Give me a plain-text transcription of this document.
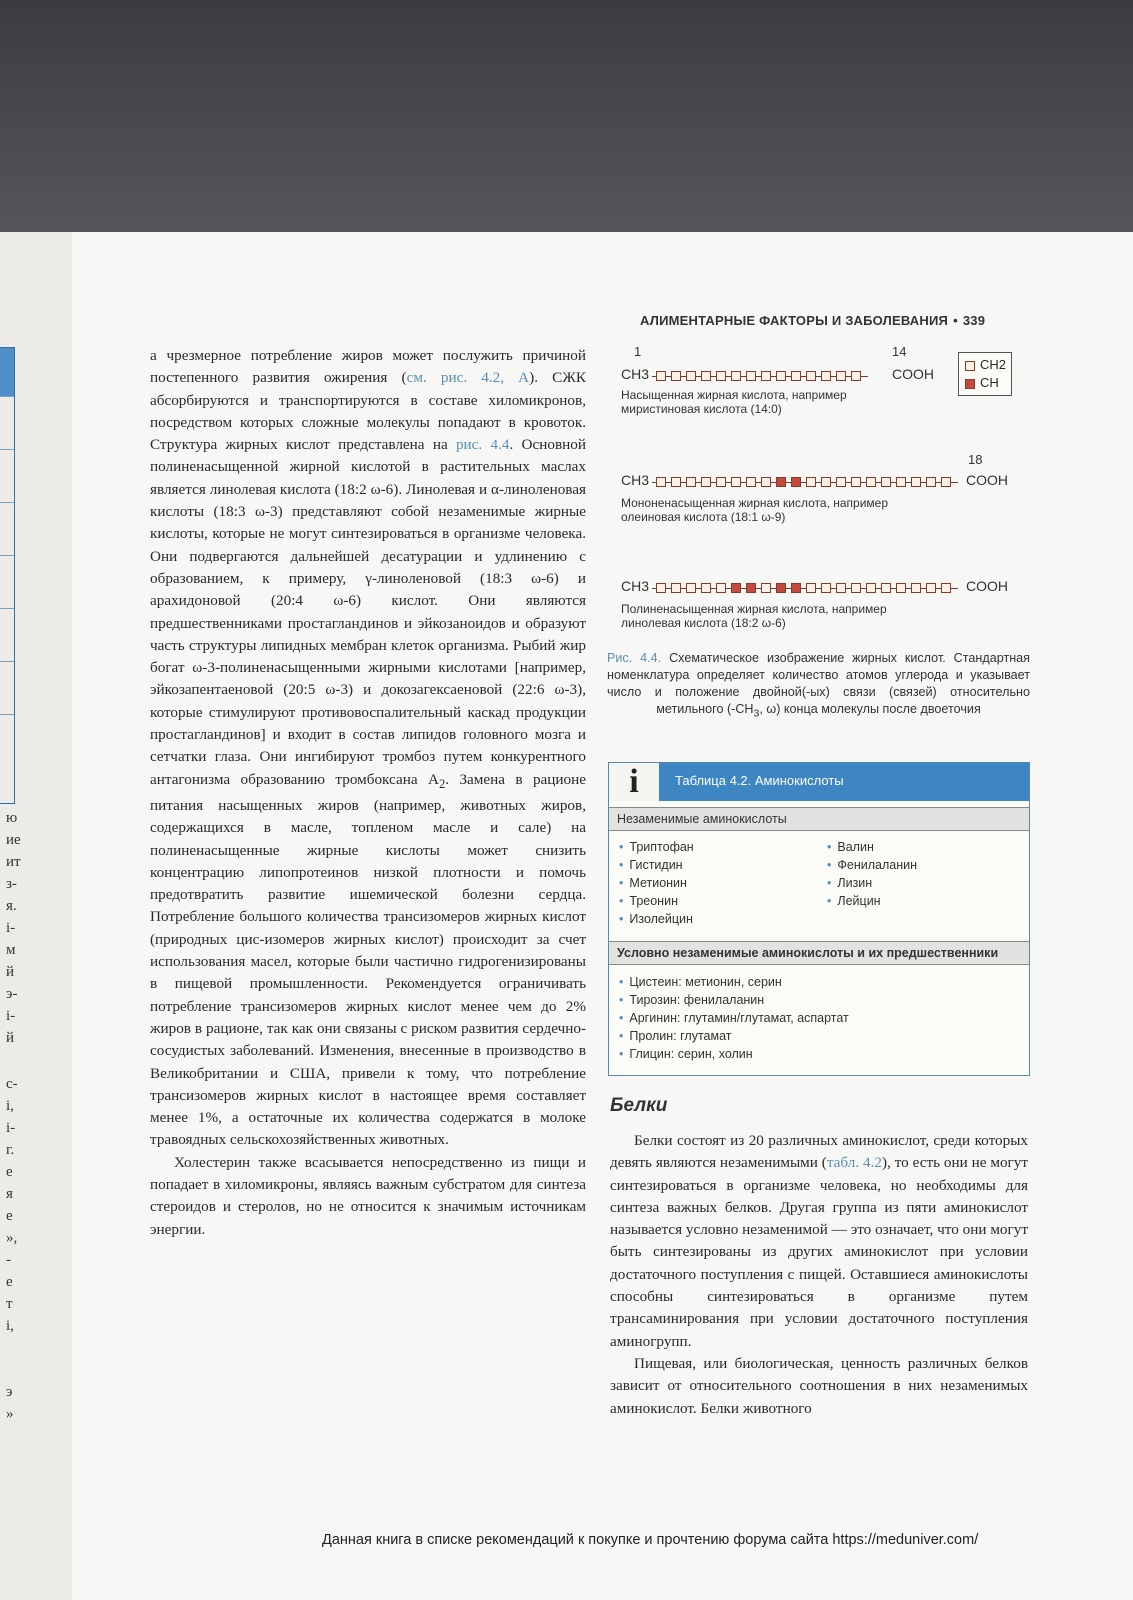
ю
ие
ит
з-
я.
і-
м
й
э-
і-
й
с-
і,
і-
г.
е
я
е
»,
-
е
т
і,
э
»
АЛИМЕНТАРНЫЕ ФАКТОРЫ И ЗАБОЛЕВАНИЯ • 339

а чрезмерное потребление жиров может послужить причиной постепенного развития ожирения (см. рис. 4.2, А). СЖК абсорбируются и транспортируются в составе хиломикронов, посредством которых сложные молекулы попадают в кровоток. Структура жирных кислот представлена на рис. 4.4. Основной полиненасыщенной жирной кислотой в растительных маслах является линолевая кислота (18:2 ω-6). Линолевая и α-линоленовая кислоты (18:3 ω-3) представляют собой незаменимые жирные кислоты, которые не могут синтезироваться в организме человека. Они подвергаются дальнейшей десатурации и удлинению с образованием, к примеру, γ-линоленовой (18:3 ω-6) и арахидоновой (20:4 ω-6) кислот. Они являются предшественниками простагландинов и эйкозаноидов и образуют часть структуры липидных мембран клеток организма. Рыбий жир богат ω-3-полиненасыщенными жирными кислотами [например, эйкозапентаеновой (20:5 ω-3) и докозагексаеновой (22:6 ω-3), которые стимулируют противовоспалительный каскад продукции простагландинов] и входит в состав липидов головного мозга и сетчатки глаза. Они ингибируют тромбоз путем конкурентного антагонизма образованию тромбоксана $А_2$. Замена в рационе питания насыщенных жиров (например, животных жиров, содержащихся в масле, топленом масле и сале) на полиненасыщенные жирные кислоты может снизить концентрацию липопротеинов низкой плотности и помочь предотвратить развитие ишемической болезни сердца. Потребление большого количества трансизомеров жирных кислот (природных цис-изомеров жирных кислот) происходит за счет использования масел, которые были частично гидрогенизированы в пищевой промышленности. Рекомендуется ограничивать потребление трансизомеров жирных кислот менее чем до 2% жиров в рационе, так как они связаны с риском развития сердечно-сосудистых заболеваний. Изменения, внесенные в производство в Великобритании и США, привели к тому, что потребление трансизомеров жирных кислот в настоящее время составляет менее 1%, а остаточные их количества содержатся в молоке травоядных сельскохозяйственных животных.

Холестерин также всасывается непосредственно из пищи и попадает в хиломикроны, являясь важным субстратом для синтеза стероидов и стеролов, но не относится к значимым источникам энергии.

1	14
CH3	COOH
Насыщенная жирная кислота, например
миристиновая кислота (14:0)
CH2
CH
18
CH3	COOH
Мононенасыщенная жирная кислота, например
олеиновая кислота (18:1 ω-9)
CH3	COOH
Полиненасыщенная жирная кислота, например
линолевая кислота (18:2 ω-6)
Рис. 4.4. Схематическое изображение жирных кислот. Стандартная номенклатура определяет количество атомов углерода и указывает число и положение двойной(-ых) связи (связей) относительно метильного ($-CH_3$, ω) конца молекулы после двоеточия
i	Таблица 4.2. Аминокислоты
Незаменимые аминокислоты
• Триптофан
• Гистидин
• Метионин
• Треонин
• Изолейцин
• Валин
• Фенилаланин
• Лизин
• Лейцин
Условно незаменимые аминокислоты и их предшественники
• Цистеин: метионин, серин
• Тирозин: фенилаланин
• Аргинин: глутамин/глутамат, аспартат
• Пролин: глутамат
• Глицин: серин, холин
Белки

Белки состоят из 20 различных аминокислот, среди которых девять являются незаменимыми (табл. 4.2), то есть они не могут синтезироваться в организме человека, но необходимы для синтеза важных белков. Другая группа из пяти аминокислот называется условно незаменимой — это означает, что они могут быть синтезированы из других аминокислот при условии достаточного поступления с пищей. Оставшиеся аминокислоты способны синтезироваться в организме путем трансаминирования при условии достаточного поступления аминогрупп.

Пищевая, или биологическая, ценность различных белков зависит от относительного соотношения в них незаменимых аминокислот. Белки животного

Данная книга в списке рекомендаций к покупке и прочтению форума сайта https://meduniver.com/
